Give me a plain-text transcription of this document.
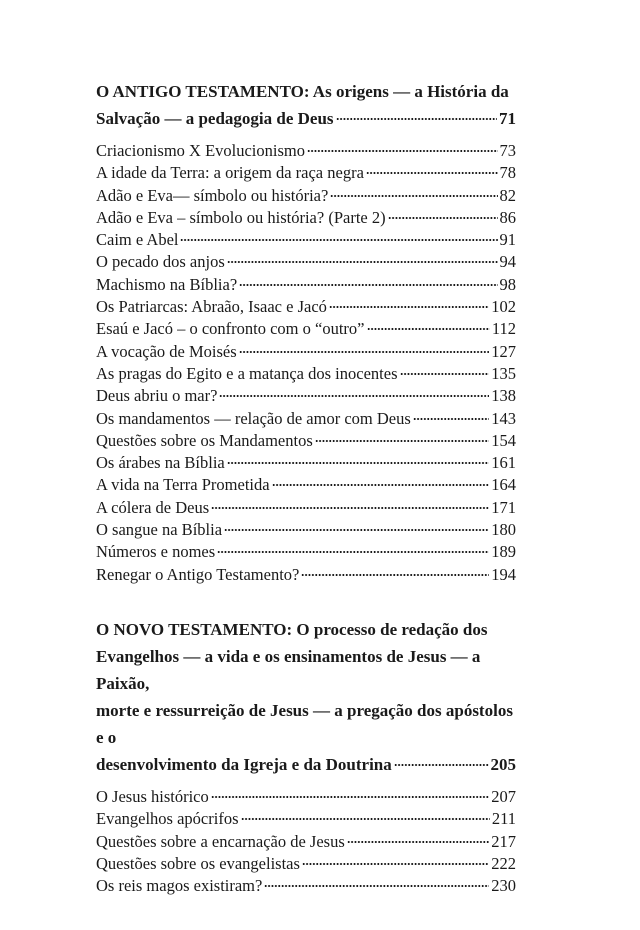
O ANTIGO TESTAMENTO: As origens — a História da
Salvação — a pedagogia de Deus	71
Criacionismo X Evolucionismo	73
A idade da Terra: a origem da raça negra	78
Adão e Eva— símbolo ou história?	82
Adão e Eva – símbolo ou história? (Parte 2)	86
Caim e Abel	91
O pecado dos anjos	94
Machismo na Bíblia?	98
Os Patriarcas: Abraão, Isaac e Jacó	102
Esaú e Jacó – o confronto com o “outro”	112
A vocação de Moisés	127
As pragas do Egito e a matança dos inocentes	135
Deus abriu o mar?	138
Os mandamentos — relação de amor com Deus	143
Questões sobre os Mandamentos	154
Os árabes na Bíblia	161
A vida na Terra Prometida	164
A cólera de Deus	171
O sangue na Bíblia	180
Números e nomes	189
Renegar o Antigo Testamento?	194
O NOVO TESTAMENTO: O processo de redação dos
Evangelhos — a vida e os ensinamentos de Jesus — a Paixão,
morte e ressurreição de Jesus — a pregação dos apóstolos e o
desenvolvimento da Igreja e da Doutrina	205
O Jesus histórico	207
Evangelhos apócrifos	211
Questões sobre a encarnação de Jesus	217
Questões sobre os evangelistas	222
Os reis magos existiram?	230
